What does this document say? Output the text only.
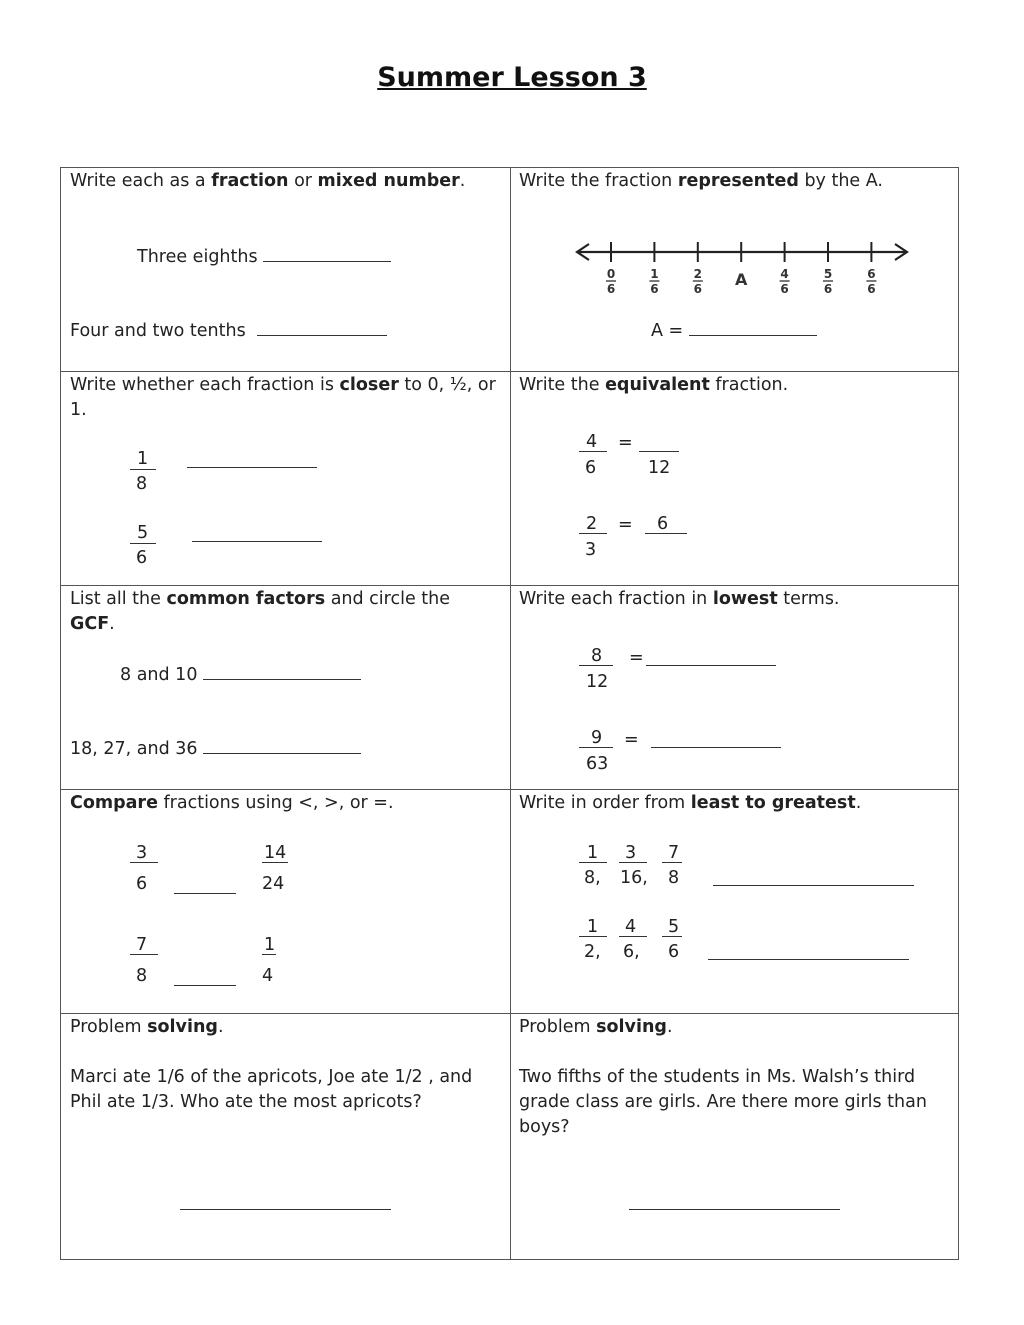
Summer Lesson 3
Write each as a fraction or mixed number.
Three eighths
Four and two tenths
Write the fraction represented by the A.
0
6
1
6
2
6 A	4
6
5
6
6
6
A =
Write whether each fraction is closer to 0, ½, or 1.
1
8
5
6
Write the equivalent fraction.
4 =
6	12
2 = 6
3
List all the common factors and circle the GCF.
8 and 10
18, 27, and 36
Write each fraction in lowest terms.
8 =
12
9 =
63
Compare fractions using <, >, or =.
3
6
14
24
7
8
1
4
Write in order from least to greatest.
1
8,
3
16,
7
8
1
2,
4
6,
5
6
Problem solving.
Marci ate 1/6 of the apricots, Joe ate 1/2 , and Phil ate 1/3. Who ate the most apricots?
Problem solving.
Two fifths of the students in Ms. Walsh’s third grade class are girls. Are there more girls than boys?
